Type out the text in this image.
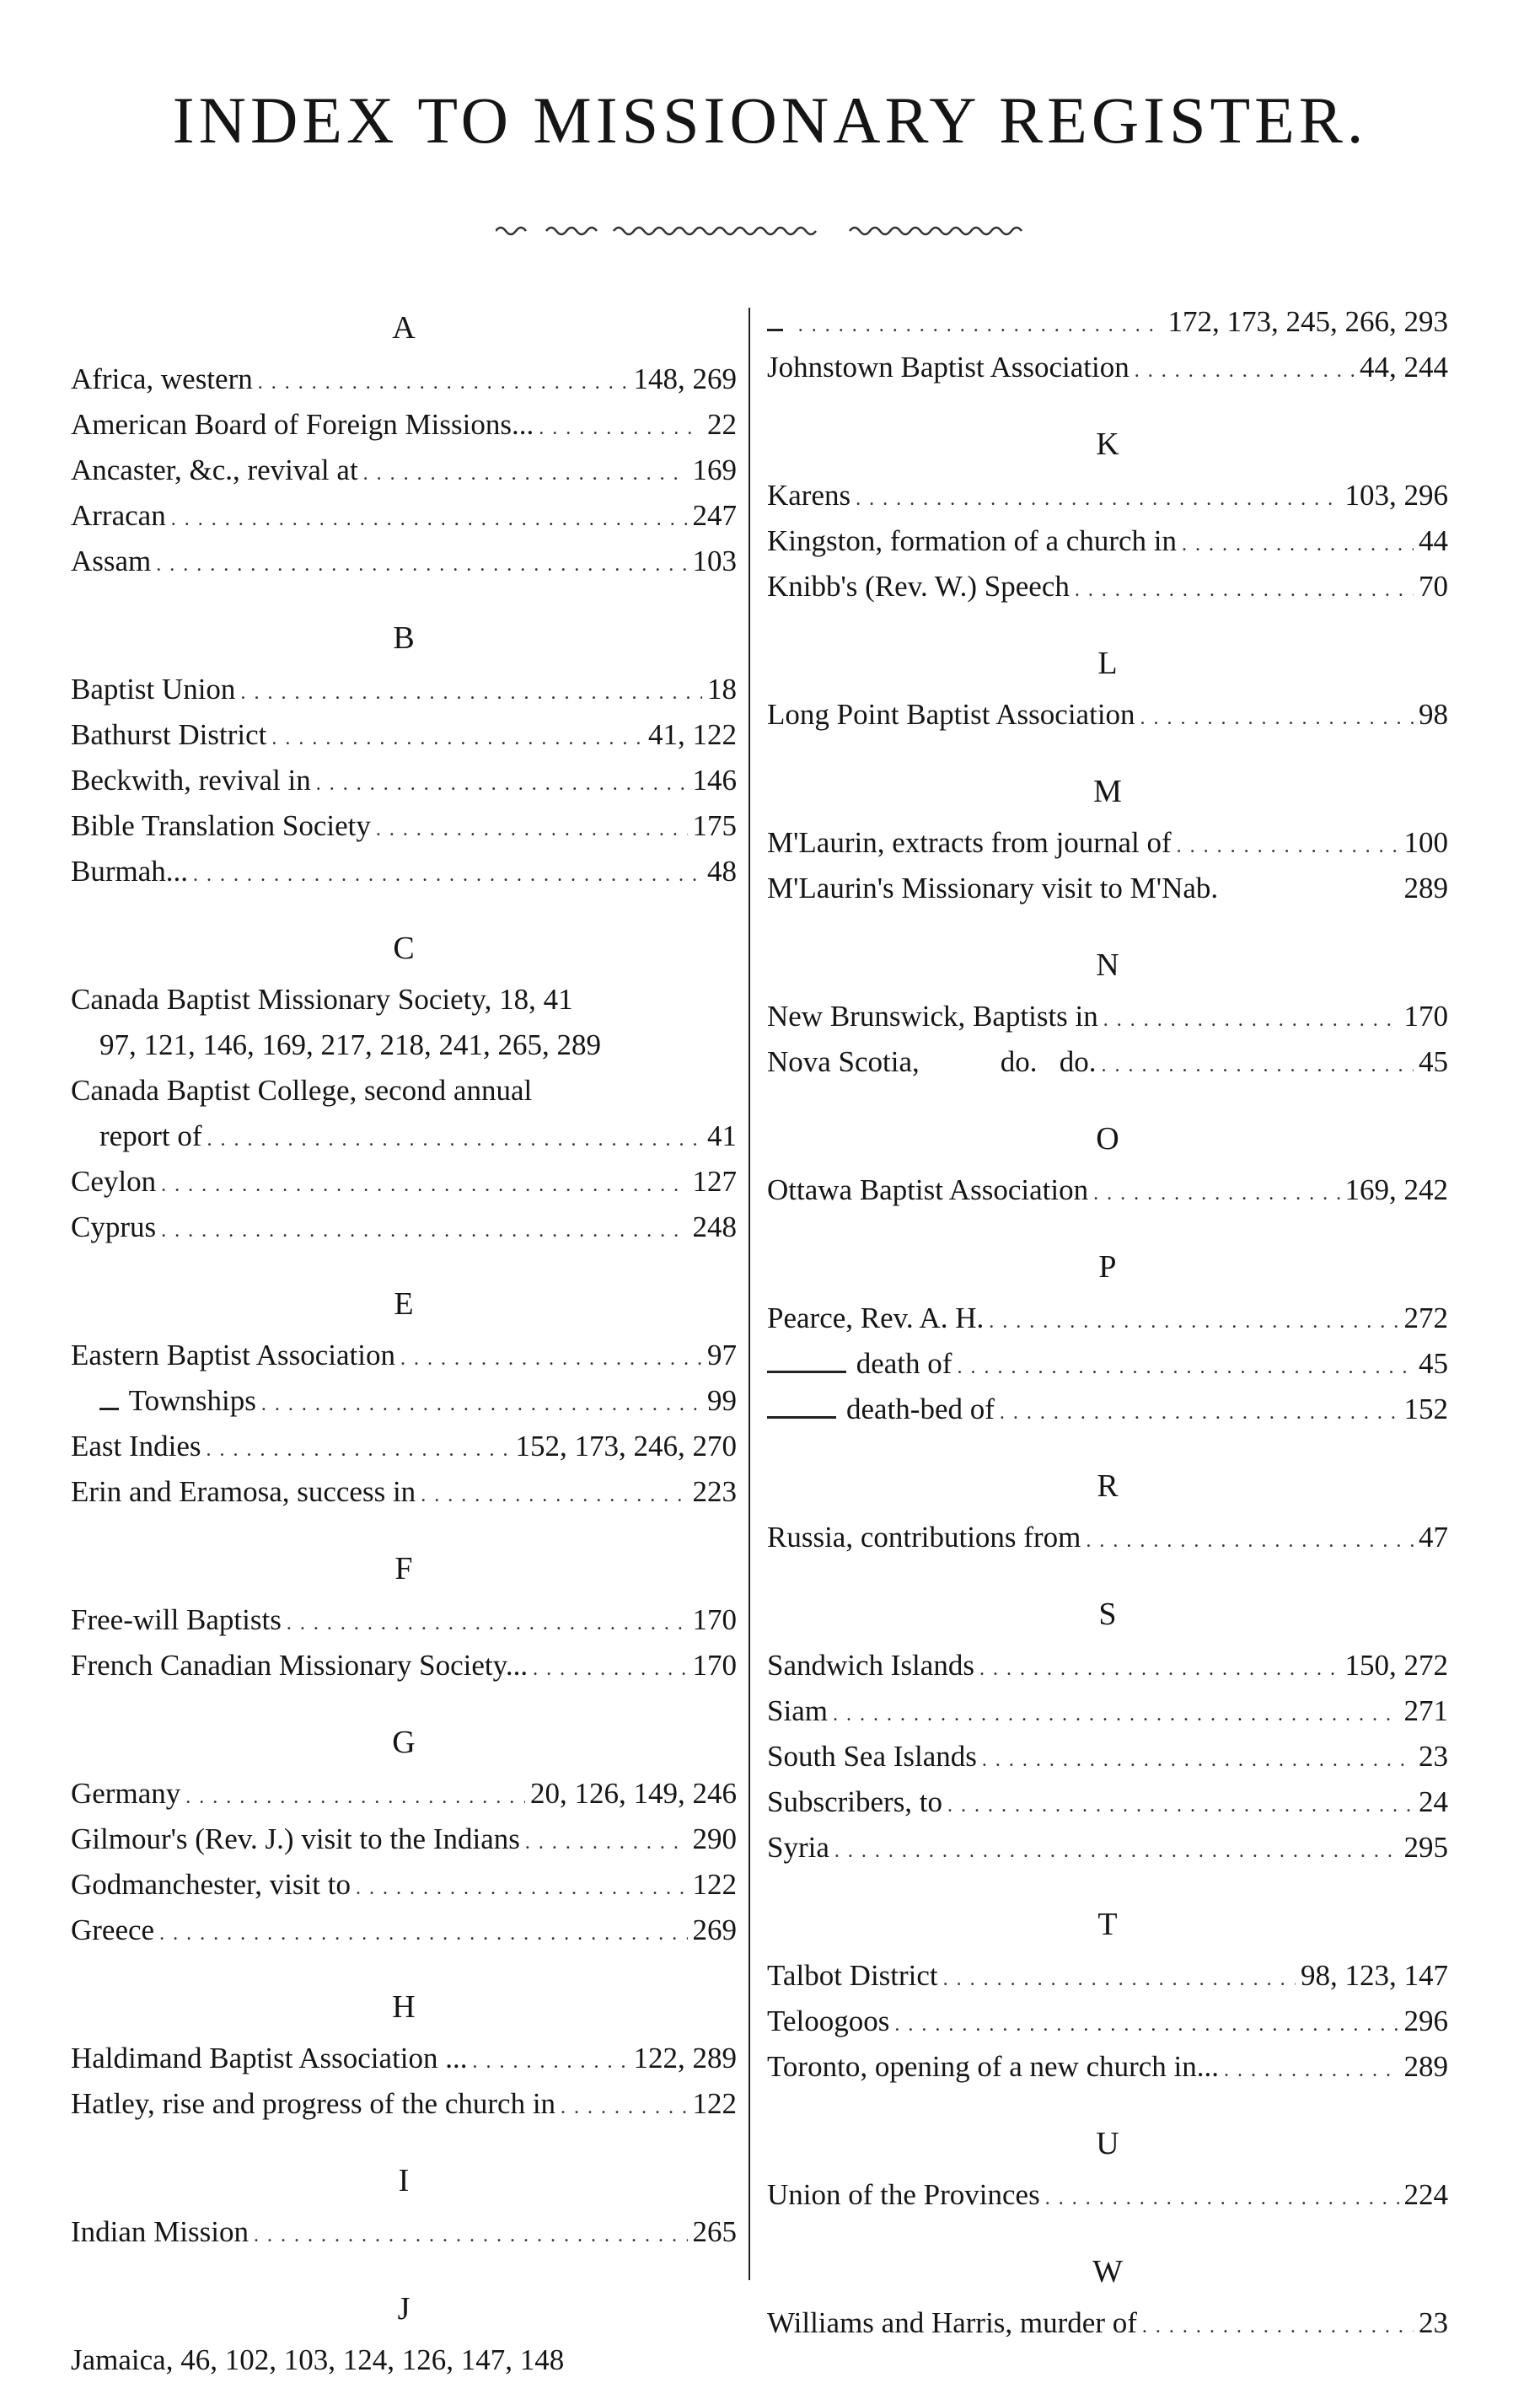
INDEX TO MISSIONARY REGISTER.
A
Africa, western . . .	148, 269
American Board of Foreign Missions... . . .	22
Ancaster, &c., revival at . . .	169
Arracan . . .	247
Assam . . .	103
B
Baptist Union . . .	18
Bathurst District . . .	41, 122
Beckwith, revival in . . .	146
Bible Translation Society . . .	175
Burmah... . . .	48
C
Canada Baptist Missionary Society, 18, 41
97, 121, 146, 169, 217, 218, 241, 265, 289
Canada Baptist College, second annual
report of . . .	41
Ceylon . . .	127
Cyprus . . .	248
E
Eastern Baptist Association . . .	97
Townships . . .	99
East Indies . . .	152, 173, 246, 270
Erin and Eramosa, success in . . .	223
F
Free-will Baptists . . .	170
French Canadian Missionary Society... . . .	170
G
Germany . . .	20, 126, 149, 246
Gilmour's (Rev. J.) visit to the Indians . . .	290
Godmanchester, visit to . . .	122
Greece . . .	269
H
Haldimand Baptist Association ... . . .	122, 289
Hatley, rise and progress of the church in . . .	122
I
Indian Mission . . .	265
J
Jamaica, 46, 102, 103, 124, 126, 147, 148
. . .
172, 173, 245, 266, 293
Johnstown Baptist Association . . .	44, 244
K
Karens . . .	103, 296
Kingston, formation of a church in . . .	44
Knibb's (Rev. W.) Speech . . .	70
L
Long Point Baptist Association . . .	98
M
M'Laurin, extracts from journal of . . .	100
M'Laurin's Missionary visit to M'Nab.	289
N
New Brunswick, Baptists in . . .	170
Nova Scotia,	do.   do. . . .	45
O
Ottawa Baptist Association . . .	169, 242
P
Pearce, Rev. A. H. . . .	272
death of . . .	45
death-bed of . . .	152
R
Russia, contributions from . . .	47
S
Sandwich Islands . . .	150, 272
Siam . . .	271
South Sea Islands . . .	23
Subscribers, to . . .	24
Syria . . .	295
T
Talbot District . . .	98, 123, 147
Teloogoos . . .	296
Toronto, opening of a new church in... . . .	289
U
Union of the Provinces . . .	224
W
Williams and Harris, murder of . . .	23
